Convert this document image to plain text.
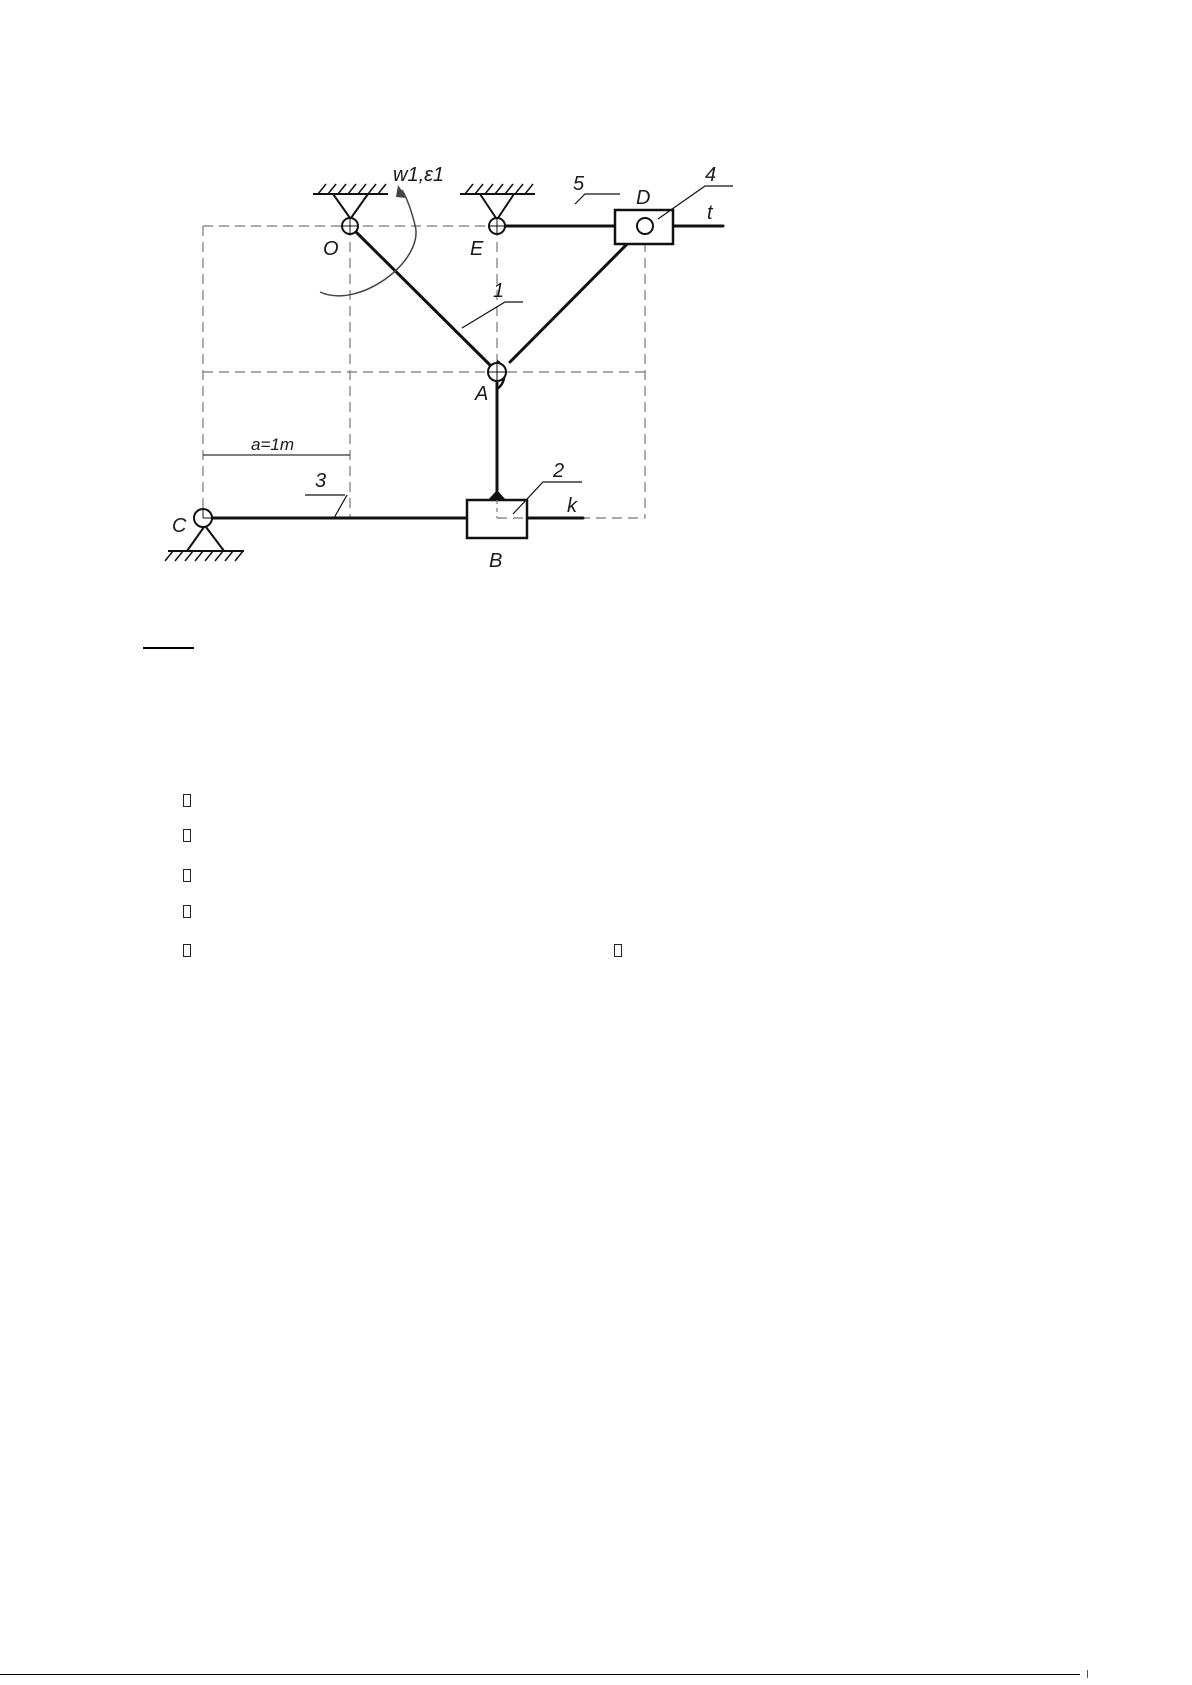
O	E
D
A
B
C
t
k
1
2
3
4
5
w1,ε1
a=1m
